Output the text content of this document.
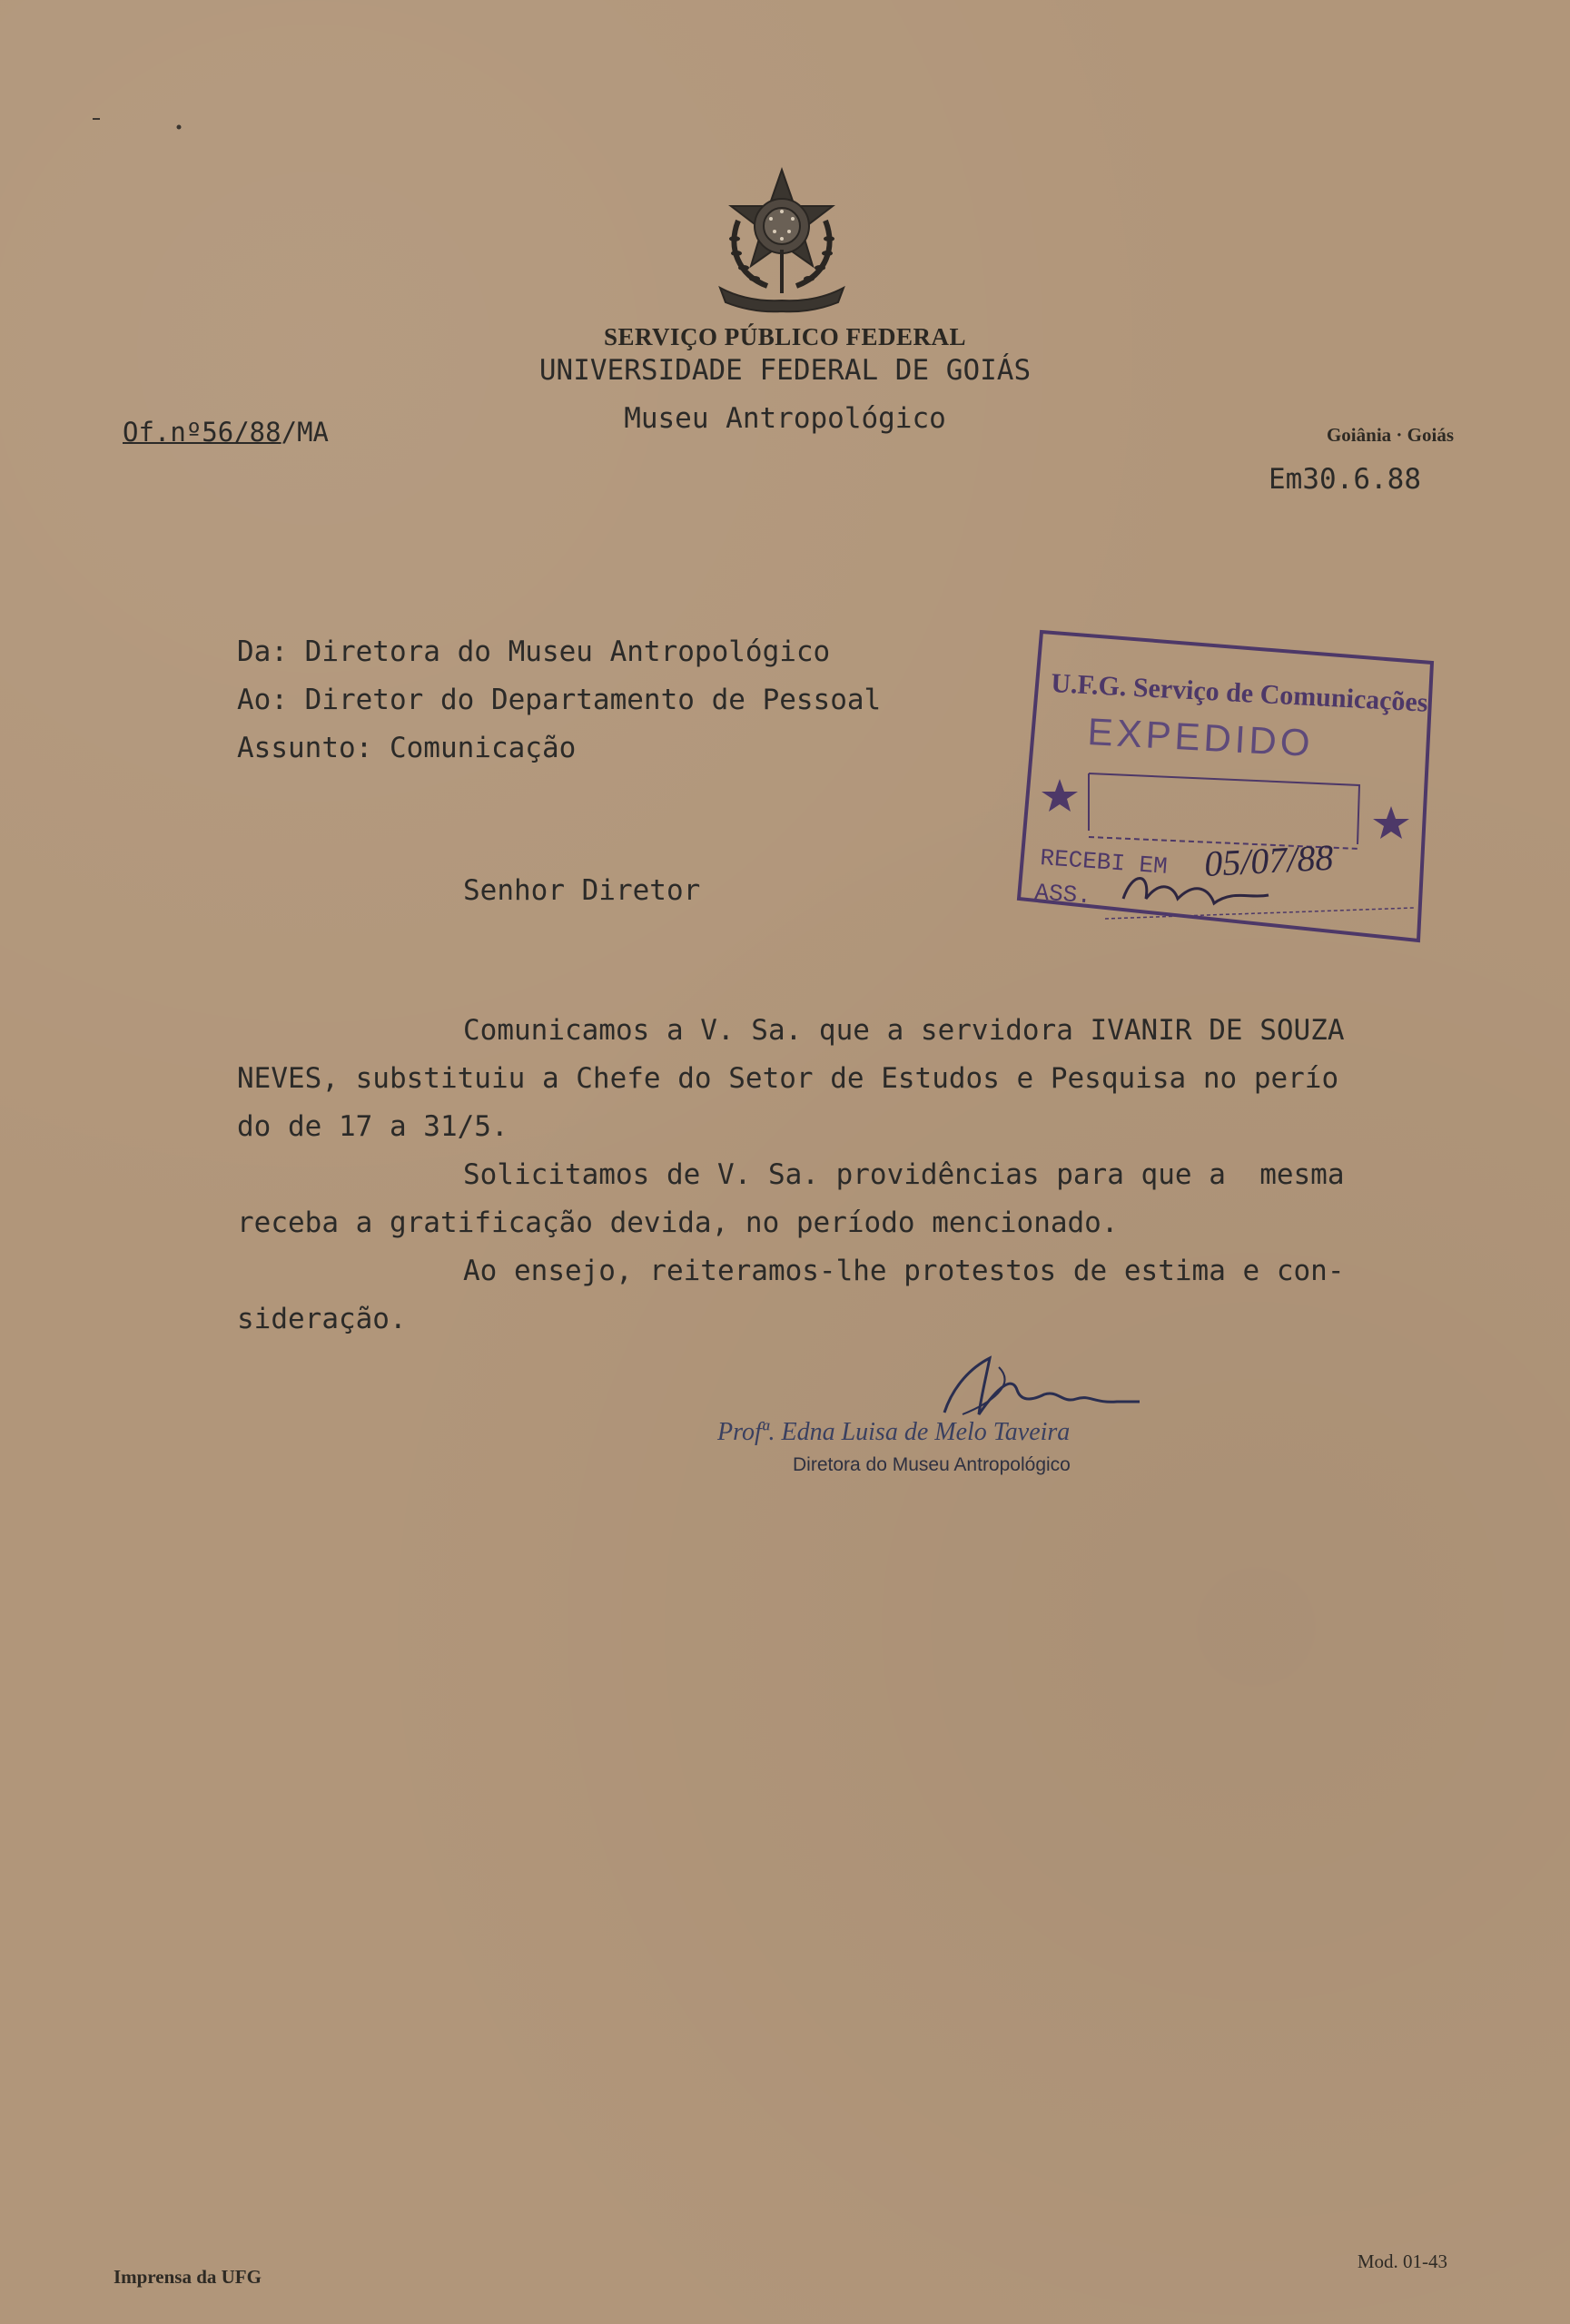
SERVIÇO PÚBLICO FEDERAL
UNIVERSIDADE FEDERAL DE GOIÁS
Museu Antropológico
Of.nº56/88/MA	Goiânia · Goiás
Em30.6.88
Da: Diretora do Museu Antropológico
Ao: Diretor do Departamento de Pessoal
Assunto: Comunicação
U.F.G. Serviço de Comunicações
EXPEDIDO
RECEBI EM 05/07/88
ASS.
Senhor Diretor
Comunicamos a V. Sa. que a servidora IVANIR DE SOUZA
NEVES, substituiu a Chefe do Setor de Estudos e Pesquisa no perío
do de 17 a 31/5.
Solicitamos de V. Sa. providências para que a  mesma
receba a gratificação devida, no período mencionado.
Ao ensejo, reiteramos-lhe protestos de estima e con-
sideração.
Profª. Edna Luisa de Melo Taveira
Diretora do Museu Antropológico
Imprensa da UFG
Mod. 01-43
